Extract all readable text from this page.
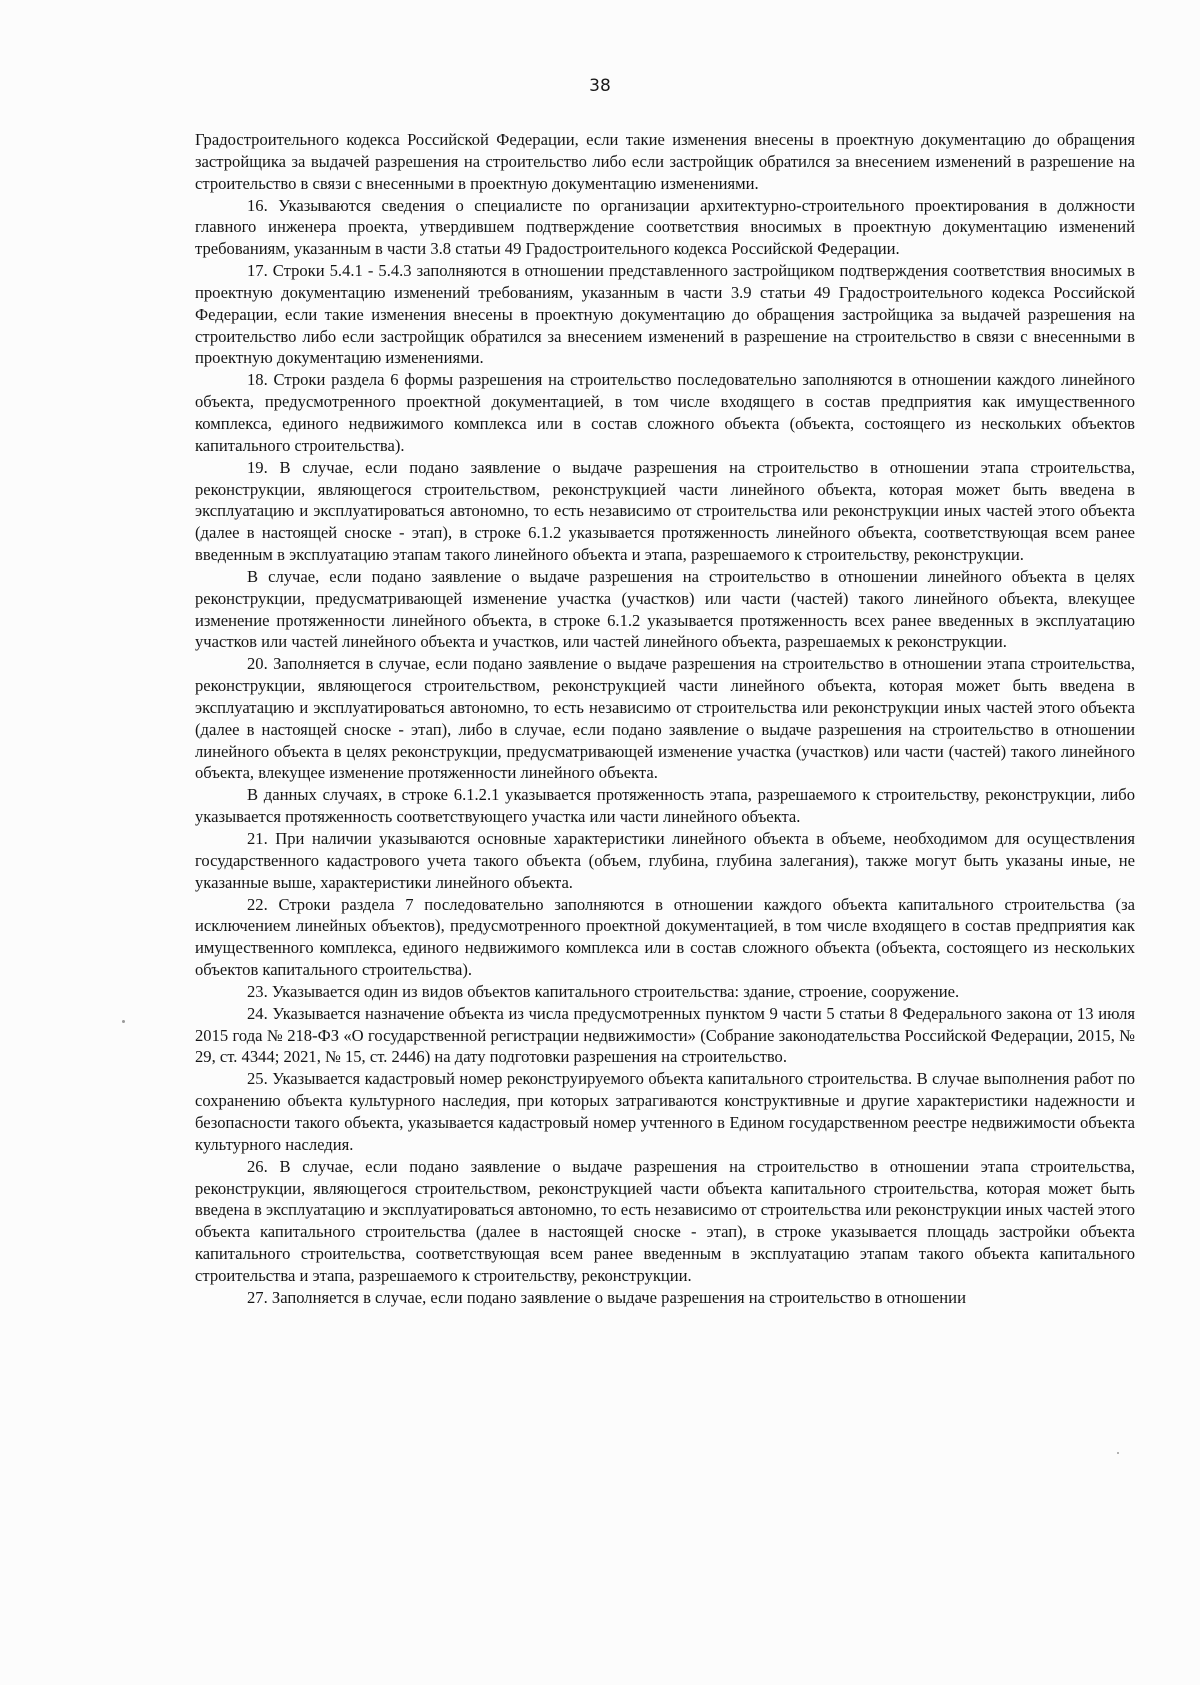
38

Градостроительного кодекса Российской Федерации, если такие изменения внесены в проектную документацию до обращения застройщика за выдачей разрешения на строительство либо если застройщик обратился за внесением изменений в разрешение на строительство в связи с внесенными в проектную документацию изменениями.

16. Указываются сведения о специалисте по организации архитектурно-строительного проектирования в должности главного инженера проекта, утвердившем подтверждение соответствия вносимых в проектную документацию изменений требованиям, указанным в части 3.8 статьи 49 Градостроительного кодекса Российской Федерации.

17. Строки 5.4.1 - 5.4.3 заполняются в отношении представленного застройщиком подтверждения соответствия вносимых в проектную документацию изменений требованиям, указанным в части 3.9 статьи 49 Градостроительного кодекса Российской Федерации, если такие изменения внесены в проектную документацию до обращения застройщика за выдачей разрешения на строительство либо если застройщик обратился за внесением изменений в разрешение на строительство в связи с внесенными в проектную документацию изменениями.

18. Строки раздела 6 формы разрешения на строительство последовательно заполняются в отношении каждого линейного объекта, предусмотренного проектной документацией, в том числе входящего в состав предприятия как имущественного комплекса, единого недвижимого комплекса или в состав сложного объекта (объекта, состоящего из нескольких объектов капитального строительства).

19. В случае, если подано заявление о выдаче разрешения на строительство в отношении этапа строительства, реконструкции, являющегося строительством, реконструкцией части линейного объекта, которая может быть введена в эксплуатацию и эксплуатироваться автономно, то есть независимо от строительства или реконструкции иных частей этого объекта (далее в настоящей сноске - этап), в строке 6.1.2 указывается протяженность линейного объекта, соответствующая всем ранее введенным в эксплуатацию этапам такого линейного объекта и этапа, разрешаемого к строительству, реконструкции.

В случае, если подано заявление о выдаче разрешения на строительство в отношении линейного объекта в целях реконструкции, предусматривающей изменение участка (участков) или части (частей) такого линейного объекта, влекущее изменение протяженности линейного объекта, в строке 6.1.2 указывается протяженность всех ранее введенных в эксплуатацию участков или частей линейного объекта и участков, или частей линейного объекта, разрешаемых к реконструкции.

20. Заполняется в случае, если подано заявление о выдаче разрешения на строительство в отношении этапа строительства, реконструкции, являющегося строительством, реконструкцией части линейного объекта, которая может быть введена в эксплуатацию и эксплуатироваться автономно, то есть независимо от строительства или реконструкции иных частей этого объекта (далее в настоящей сноске - этап), либо в случае, если подано заявление о выдаче разрешения на строительство в отношении линейного объекта в целях реконструкции, предусматривающей изменение участка (участков) или части (частей) такого линейного объекта, влекущее изменение протяженности линейного объекта.

В данных случаях, в строке 6.1.2.1 указывается протяженность этапа, разрешаемого к строительству, реконструкции, либо указывается протяженность соответствующего участка или части линейного объекта.

21. При наличии указываются основные характеристики линейного объекта в объеме, необходимом для осуществления государственного кадастрового учета такого объекта (объем, глубина, глубина залегания), также могут быть указаны иные, не указанные выше, характеристики линейного объекта.

22. Строки раздела 7 последовательно заполняются в отношении каждого объекта капитального строительства (за исключением линейных объектов), предусмотренного проектной документацией, в том числе входящего в состав предприятия как имущественного комплекса, единого недвижимого комплекса или в состав сложного объекта (объекта, состоящего из нескольких объектов капитального строительства).

23. Указывается один из видов объектов капитального строительства: здание, строение, сооружение.

24. Указывается назначение объекта из числа предусмотренных пунктом 9 части 5 статьи 8 Федерального закона от 13 июля 2015 года № 218-ФЗ «О государственной регистрации недвижимости» (Собрание законодательства Российской Федерации, 2015, № 29, ст. 4344; 2021, № 15, ст. 2446) на дату подготовки разрешения на строительство.

25. Указывается кадастровый номер реконструируемого объекта капитального строительства. В случае выполнения работ по сохранению объекта культурного наследия, при которых затрагиваются конструктивные и другие характеристики надежности и безопасности такого объекта, указывается кадастровый номер учтенного в Едином государственном реестре недвижимости объекта культурного наследия.

26. В случае, если подано заявление о выдаче разрешения на строительство в отношении этапа строительства, реконструкции, являющегося строительством, реконструкцией части объекта капитального строительства, которая может быть введена в эксплуатацию и эксплуатироваться автономно, то есть независимо от строительства или реконструкции иных частей этого объекта капитального строительства (далее в настоящей сноске - этап), в строке указывается площадь застройки объекта капитального строительства, соответствующая всем ранее введенным в эксплуатацию этапам такого объекта капитального строительства и этапа, разрешаемого к строительству, реконструкции.

27. Заполняется в случае, если подано заявление о выдаче разрешения на строительство в отношении
